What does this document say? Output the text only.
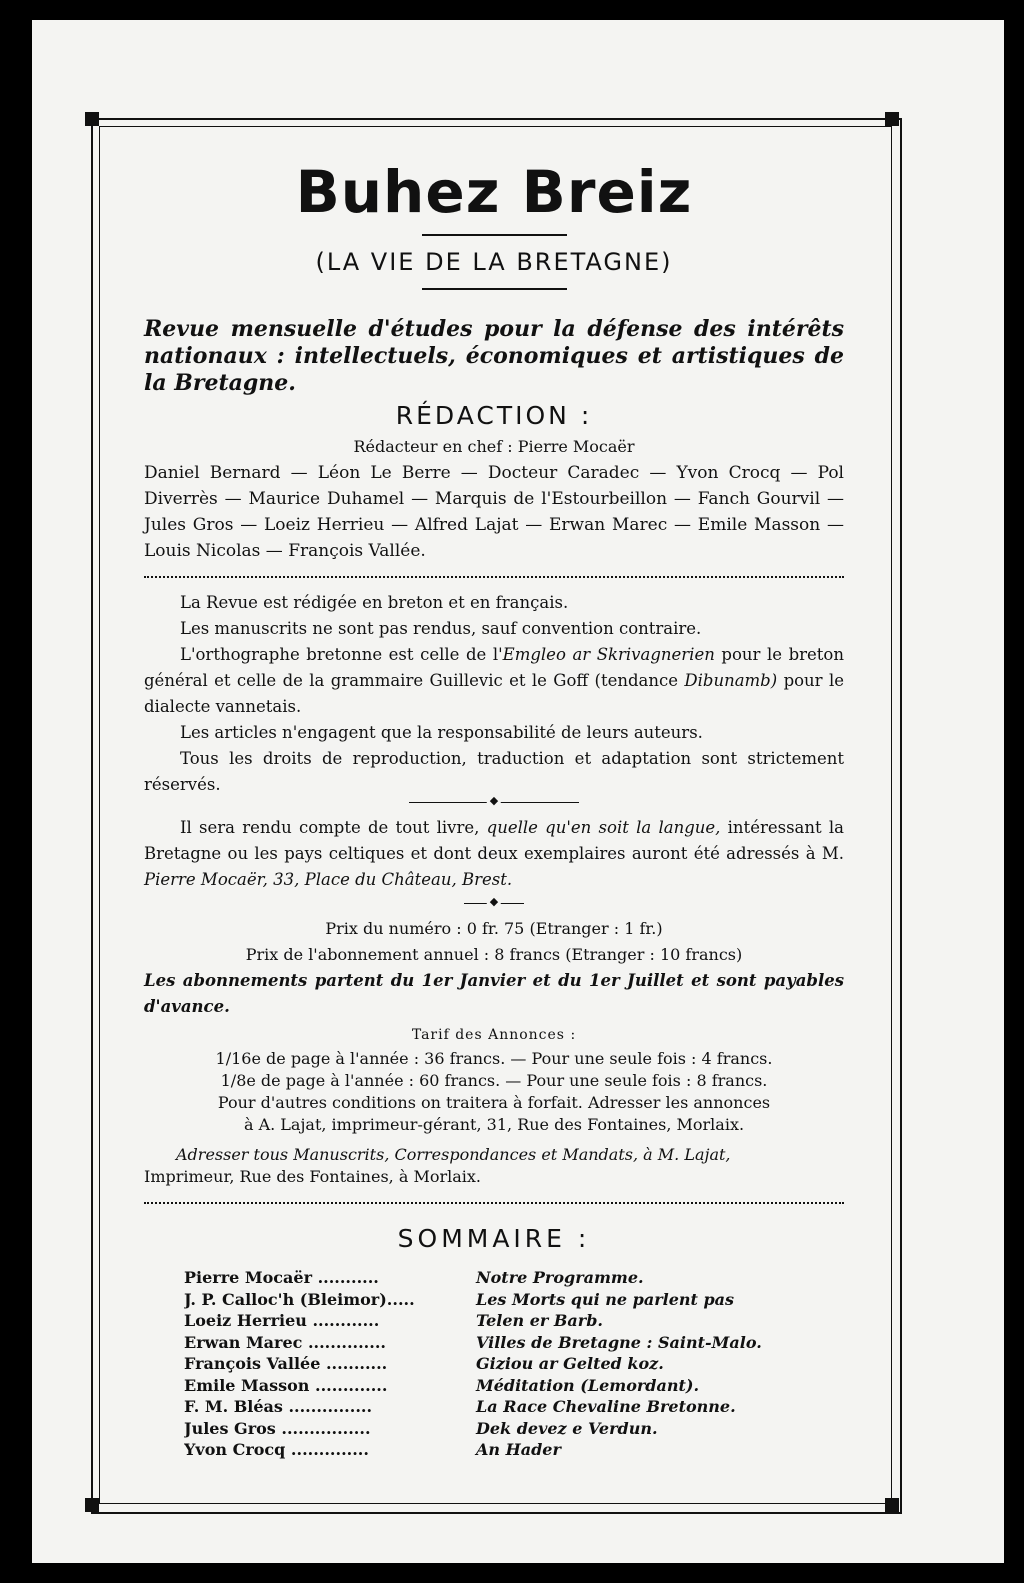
Buhez Breiz
(LA VIE DE LA BRETAGNE)

Revue mensuelle d'études pour la défense des intérêts nationaux : intellectuels, économiques et artistiques de la Bretagne.

RÉDACTION :
Rédacteur en chef : Pierre Mocaër

Daniel Bernard — Léon Le Berre — Docteur Caradec — Yvon Crocq — Pol Diverrès — Maurice Duhamel — Marquis de l'Estourbeillon — Fanch Gourvil — Jules Gros — Loeiz Herrieu — Alfred Lajat — Erwan Marec — Emile Masson — Louis Nicolas — François Vallée.

La Revue est rédigée en breton et en français.

Les manuscrits ne sont pas rendus, sauf convention contraire.

L'orthographe bretonne est celle de l'Emgleo ar Skrivagnerien pour le breton général et celle de la grammaire Guillevic et le Goff (tendance Dibunamb) pour le dialecte vannetais.

Les articles n'engagent que la responsabilité de leurs auteurs.

Tous les droits de reproduction, traduction et adaptation sont strictement réservés.

◆

Il sera rendu compte de tout livre, quelle qu'en soit la langue, intéressant la Bretagne ou les pays celtiques et dont deux exemplaires auront été adressés à M. Pierre Mocaër, 33, Place du Château, Brest.

◆
Prix du numéro : 0 fr. 75 (Etranger : 1 fr.)
Prix de l'abonnement annuel : 8 francs (Etranger : 10 francs)

Les abonnements partent du 1er Janvier et du 1er Juillet et sont payables d'avance.

Tarif des Annonces :
1/16e de page à l'année : 36 francs. — Pour une seule fois : 4 francs.
1/8e de page à l'année : 60 francs. — Pour une seule fois : 8 francs.
Pour d'autres conditions on traitera à forfait. Adresser les annonces
à A. Lajat, imprimeur-gérant, 31, Rue des Fontaines, Morlaix.
Adresser tous Manuscrits, Correspondances et Mandats, à M. Lajat,
Imprimeur, Rue des Fontaines, à Morlaix.
SOMMAIRE :
Pierre Mocaër ...........	Notre Programme.
J. P. Calloc'h (Bleimor).....	Les Morts qui ne parlent pas
Loeiz Herrieu ............	Telen er Barb.
Erwan Marec ..............	Villes de Bretagne : Saint-Malo.
François Vallée ...........	Giziou ar Gelted koz.
Emile Masson .............	Méditation (Lemordant).
F. M. Bléas ...............	La Race Chevaline Bretonne.
Jules Gros ................	Dek devez e Verdun.
Yvon Crocq ..............	An Hader
